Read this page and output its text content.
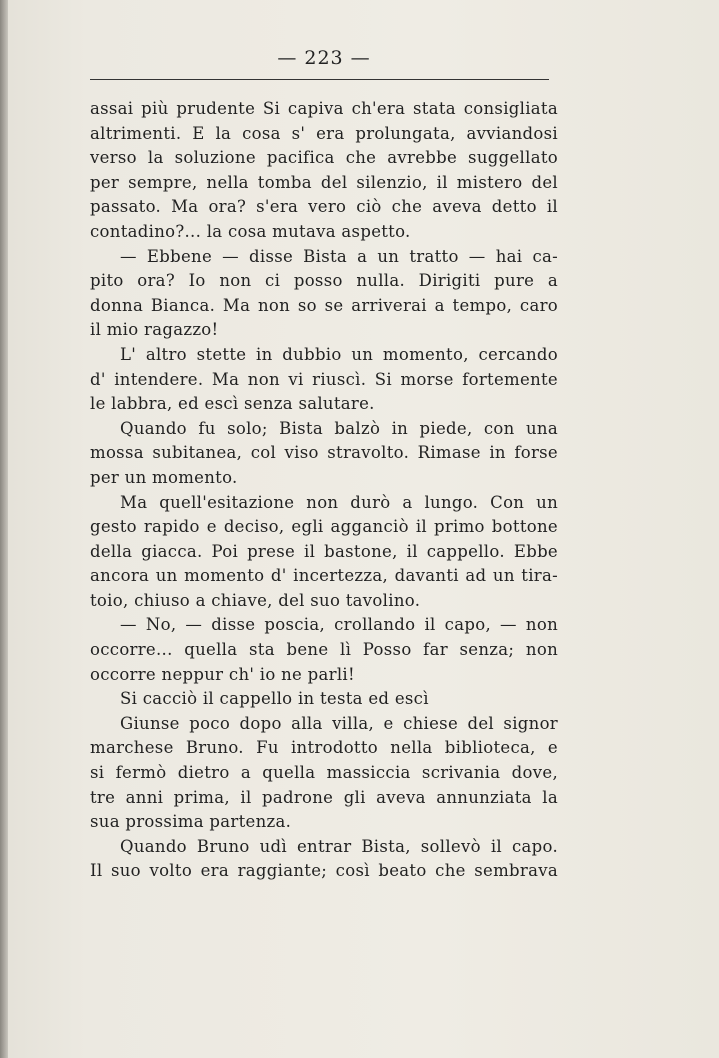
— 223 —
assai più prudente Si capiva ch'era stata consigliata
altrimenti. E la cosa s' era prolungata, avviandosi
verso la soluzione pacifica che avrebbe suggellato
per sempre, nella tomba del silenzio, il mistero del
passato. Ma ora? s'era vero ciò che aveva detto il
contadino?... la cosa mutava aspetto.
— Ebbene — disse Bista a un tratto — hai ca-
pito ora? Io non ci posso nulla. Dirigiti pure a
donna Bianca. Ma non so se arriverai a tempo, caro
il mio ragazzo!
L' altro stette in dubbio un momento, cercando
d' intendere. Ma non vi riuscì. Si morse fortemente
le labbra, ed escì senza salutare.
Quando fu solo; Bista balzò in piede, con una
mossa subitanea, col viso stravolto. Rimase in forse
per un momento.
Ma quell'esitazione non durò a lungo. Con un
gesto rapido e deciso, egli agganciò il primo bottone
della giacca. Poi prese il bastone, il cappello. Ebbe
ancora un momento d' incertezza, davanti ad un tira-
toio, chiuso a chiave, del suo tavolino.
— No, — disse poscia, crollando il capo, — non
occorre... quella sta bene lì Posso far senza; non
occorre neppur ch' io ne parli!
Si cacciò il cappello in testa ed escì
Giunse poco dopo alla villa, e chiese del signor
marchese Bruno. Fu introdotto nella biblioteca, e
si fermò dietro a quella massiccia scrivania dove,
tre anni prima, il padrone gli aveva annunziata la
sua prossima partenza.
Quando Bruno udì entrar Bista, sollevò il capo.
Il suo volto era raggiante; così beato che sembrava
